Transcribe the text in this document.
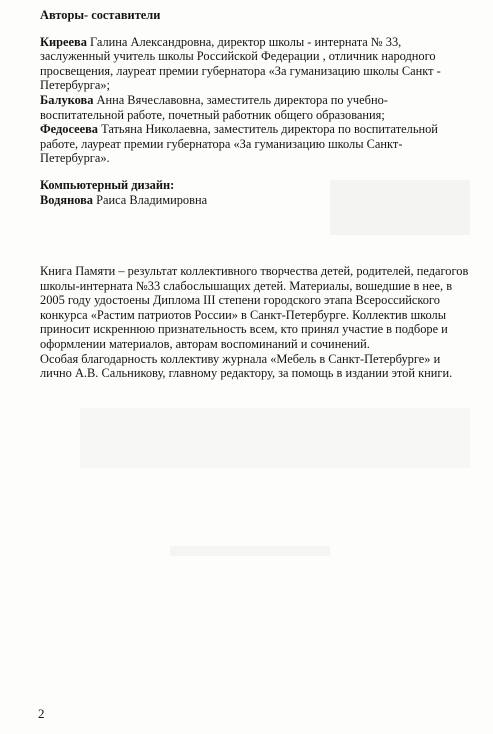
Авторы- составители

Киреева Галина Александровна, директор школы - интерната № 33, заслуженный учитель школы Российской Федерации , отличник народного просвещения, лауреат премии губернатора «За гуманизацию школы Санкт - Петербурга»;

Балукова Анна Вячеславовна, заместитель директора по учебно-воспитательной работе, почетный работник общего образования;

Федосеева Татьяна Николаевна, заместитель директора по воспитательной работе, лауреат премии губернатора «За гуманизацию школы Санкт-Петербурга».

Компьютерный дизайн:

Водянова Раиса Владимировна

Книга Памяти – результат коллективного творчества детей, родителей, педагогов школы-интерната №33 слабослышащих детей. Материалы, вошедшие в нее, в 2005 году удостоены Диплома III степени городского этапа Всероссийского конкурса «Растим патриотов России» в Санкт-Петербурге. Коллектив школы приносит искреннюю признательность всем, кто принял участие в подборе и оформлении материалов, авторам воспоминаний и сочинений.

Особая благодарность коллективу журнала «Мебель в Санкт-Петербурге» и лично А.В. Сальникову, главному редактору, за помощь в издании этой книги.

2
